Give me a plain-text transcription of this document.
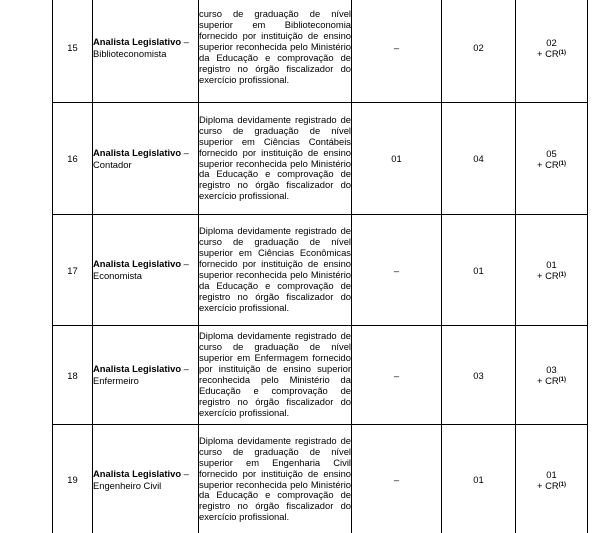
15	Analista Legislativo –
Biblioteconomista	curso de graduação de nível superior em Biblioteconomia fornecido por instituição de ensino superior reconhecida pelo Ministério da Educação e comprovação de registro no órgão fiscalizador do exercício profissional.	–	02	02
+ $CR^{(1)}$

16	Analista Legislativo –
Contador	Diploma devidamente registrado de curso de graduação de nível superior em Ciências Contábeis fornecido por instituição de ensino superior reconhecida pelo Ministério da Educação e comprovação de registro no órgão fiscalizador do exercício profissional.	01	04	05
+ $CR^{(1)}$

17	Analista Legislativo –
Economista	Diploma devidamente registrado de curso de graduação de nível superior em Ciências Econômicas fornecido por instituição de ensino superior reconhecida pelo Ministério da Educação e comprovação de registro no órgão fiscalizador do exercício profissional.	–	01	01
+ $CR^{(1)}$

18	Analista Legislativo –
Enfermeiro	Diploma devidamente registrado de curso de graduação de nível superior em Enfermagem fornecido por instituição de ensino superior reconhecida pelo Ministério da Educação e comprovação de registro no órgão fiscalizador do exercício profissional.	–	03	03
+ $CR^{(1)}$

19	Analista Legislativo –
Engenheiro Civil	Diploma devidamente registrado de curso de graduação de nível superior em Engenharia Civil fornecido por instituição de ensino superior reconhecida pelo Ministério da Educação e comprovação de registro no órgão fiscalizador do exercício profissional.	–	01	01
+ $CR^{(1)}$
